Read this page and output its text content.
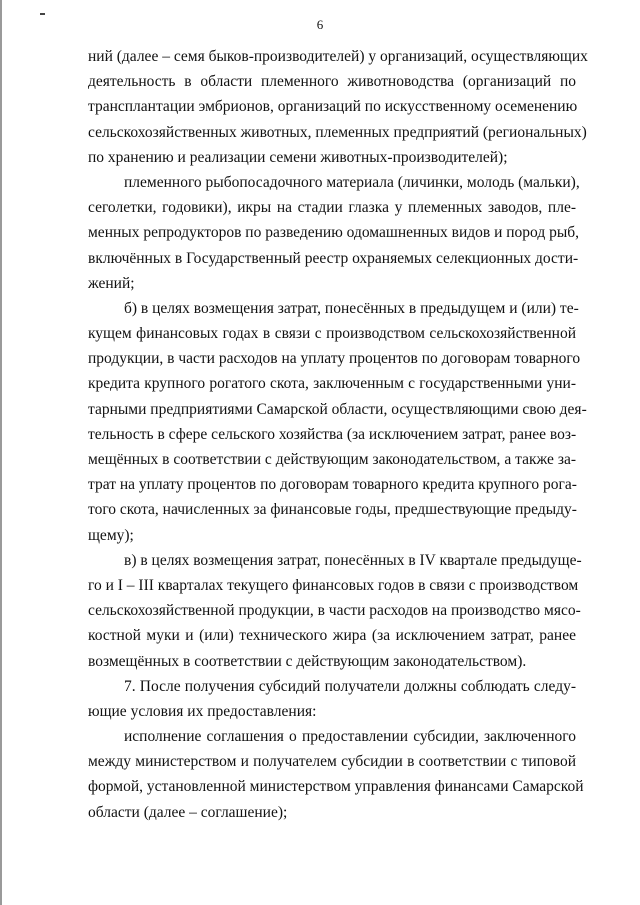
6
ний (далее – семя быков-производителей) у организаций, осуществляющих
деятельность в области племенного животноводства (организаций по
трансплантации эмбрионов, организаций по искусственному осеменению
сельскохозяйственных животных, племенных предприятий (региональных)
по хранению и реализации семени животных-производителей);
племенного рыбопосадочного материала (личинки, молодь (мальки),
сеголетки, годовики), икры на стадии глазка у племенных заводов, пле-
менных репродукторов по разведению одомашненных видов и пород рыб,
включённых в Государственный реестр охраняемых селекционных дости-
жений;
б) в целях возмещения затрат, понесённых в предыдущем и (или) те-
кущем финансовых годах в связи с производством сельскохозяйственной
продукции, в части расходов на уплату процентов по договорам товарного
кредита крупного рогатого скота, заключенным с государственными уни-
тарными предприятиями Самарской области, осуществляющими свою дея-
тельность в сфере сельского хозяйства (за исключением затрат, ранее воз-
мещённых в соответствии с действующим законодательством, а также за-
трат на уплату процентов по договорам товарного кредита крупного рога-
того скота, начисленных за финансовые годы, предшествующие предыду-
щему);
в) в целях возмещения затрат, понесённых в IV квартале предыдуще-
го и I – III кварталах текущего финансовых годов в связи с производством
сельскохозяйственной продукции, в части расходов на производство мясо-
костной муки и (или) технического жира (за исключением затрат, ранее
возмещённых в соответствии с действующим законодательством).
7. После получения субсидий получатели должны соблюдать следу-
ющие условия их предоставления:
исполнение соглашения о предоставлении субсидии, заключенного
между министерством и получателем субсидии в соответствии с типовой
формой, установленной министерством управления финансами Самарской
области (далее – соглашение);
